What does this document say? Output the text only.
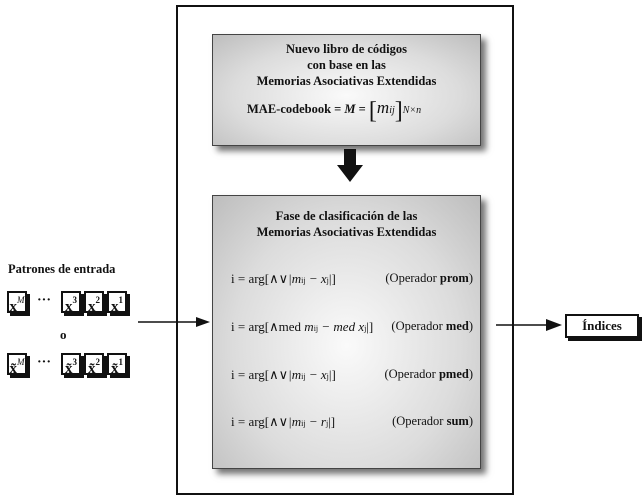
Nuevo libro de códigos
con base en las
Memorias Asociativas Extendidas
MAE-codebook = M = [mij]N×n
Fase de clasificación de las
Memorias Asociativas Extendidas
i = arg[∧∨|mij − xj|]	(Operador prom)
i = arg[∧med mij − med xj|] (Operador med)
i = arg[∧∨|mij − xj|]	(Operador pmed)
i = arg[∧∨|mij − rj|]	(Operador sum)
Patrones de entrada
$x^M$ ··· $x^3$ $x^2$ $x^1$
o
x̃$^M$ ··· x̃$^3$ x̃$^2$ x̃$^1$
Índices
